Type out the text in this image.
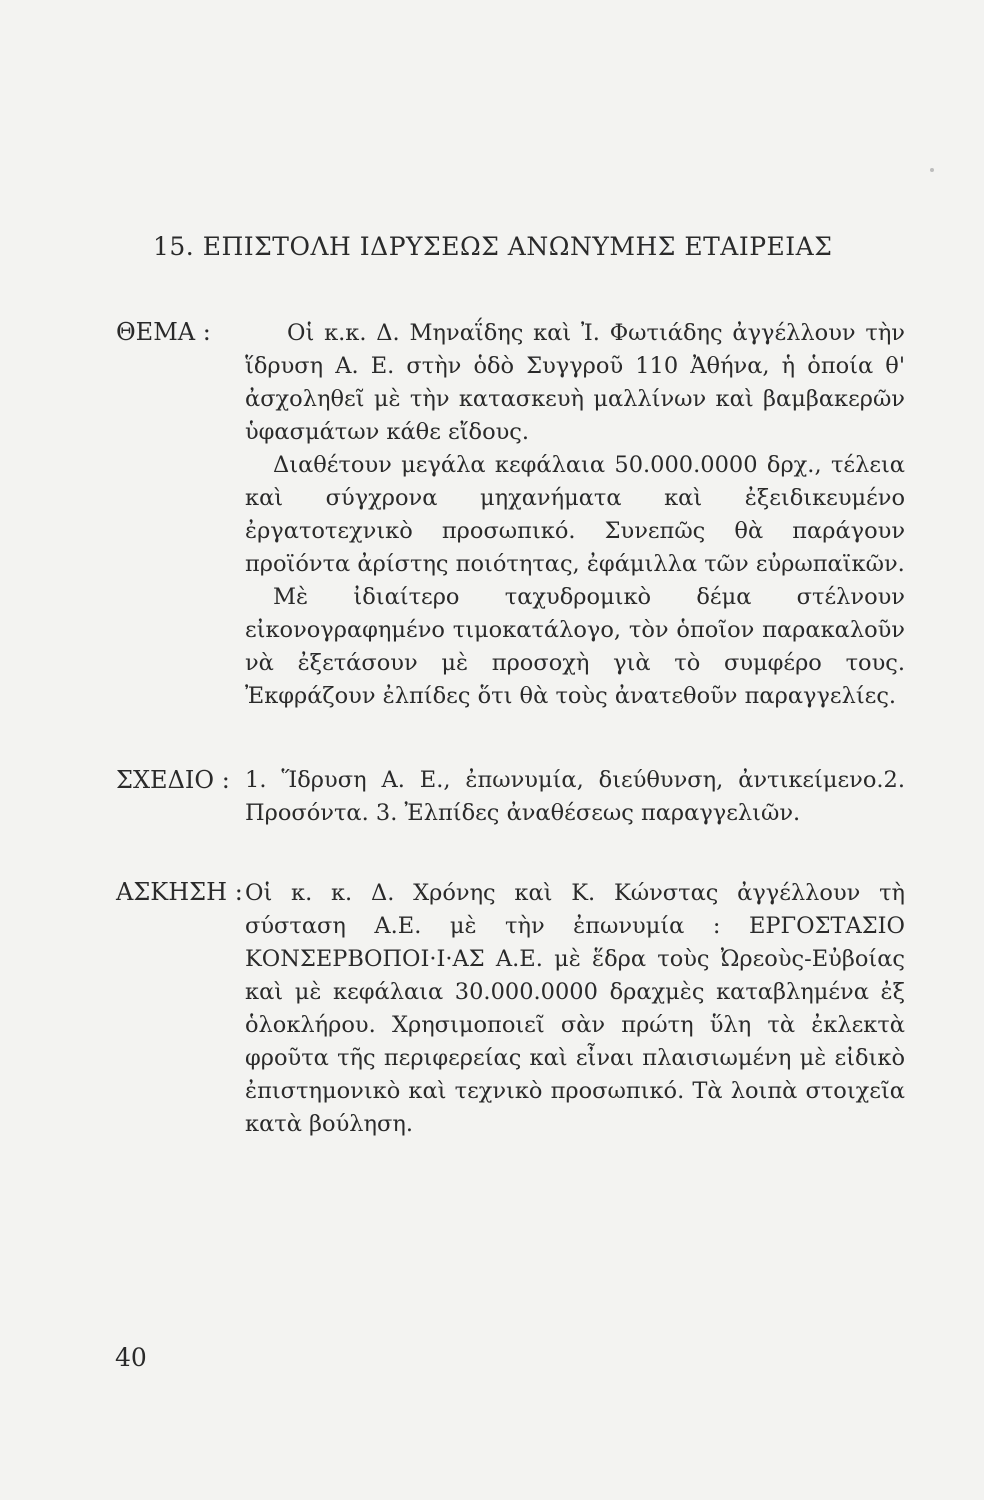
15. ΕΠΙΣΤΟΛΗ ΙΔΡΥΣΕΩΣ ΑΝΩΝΥΜΗΣ ΕΤΑΙΡΕΙΑΣ
ΘΕΜΑ :	Οἱ κ.κ. Δ. Μηναΐδης καὶ Ἰ. Φωτιάδης ἀγγέλλουν τὴν ἵδρυση Α. Ε. στὴν ὁδὸ Συγγροῦ 110 Ἀθήνα, ἡ ὁποία θ' ἀσχοληθεῖ μὲ τὴν κατασκευὴ μαλλίνων καὶ βαμβακερῶν ὑφασμάτων κάθε εἴδους.

Διαθέτουν μεγάλα κεφάλαια 50.000.0000 δρχ., τέλεια καὶ σύγχρονα μηχανήματα καὶ ἐξειδικευμένο ἐργατοτεχνικὸ προσωπικό. Συνεπῶς θὰ παράγουν προϊόντα ἀρίστης ποιότητας, ἐφάμιλλα τῶν εὐρωπαϊκῶν.

Μὲ ἰδιαίτερο ταχυδρομικὸ δέμα στέλνουν εἰκονογραφημένο τιμοκατάλογο, τὸν ὁποῖον παρακαλοῦν νὰ ἐξετάσουν μὲ προσοχὴ γιὰ τὸ συμφέρο τους. Ἐκφράζουν ἐλπίδες ὅτι θὰ τοὺς ἀνατεθοῦν παραγγελίες.

ΣΧΕΔΙΟ : 1. Ἵδρυση Α. Ε., ἐπωνυμία, διεύθυνση, ἀντικείμενο.2. Προσόντα. 3. Ἐλπίδες ἀναθέσεως παραγγελιῶν.

ΑΣΚΗΣΗ : Οἱ κ. κ. Δ. Χρόνης καὶ Κ. Κώνστας ἀγγέλλουν τὴ σύσταση Α.Ε. μὲ τὴν ἐπωνυμία : ΕΡΓΟΣΤΑΣΙΟ ΚΟΝΣΕΡΒΟΠΟΙ·Ι·ΑΣ Α.Ε. μὲ ἕδρα τοὺς Ὠρεοὺς-Εὐβοίας καὶ μὲ κεφάλαια 30.000.0000 δραχμὲς καταβλημένα ἐξ ὁλοκλήρου. Χρησιμοποιεῖ σὰν πρώτη ὕλη τὰ ἐκλεκτὰ φροῦτα τῆς περιφερείας καὶ εἶναι πλαισιωμένη μὲ εἰδικὸ ἐπιστημονικὸ καὶ τεχνικὸ προσωπικό. Τὰ λοιπὰ στοιχεῖα κατὰ βούληση.

40
